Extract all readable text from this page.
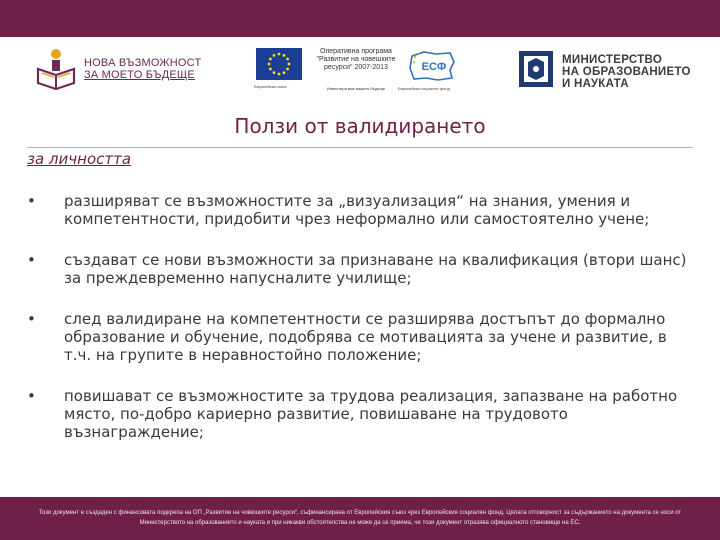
НОВА ВЪЗМОЖНОСТ
ЗА МОЕТО БЪДЕЩЕ
Европейски съюз
Оперативна програма
"Развитие на човешките
ресурси" 2007-2013
Инвестира във вашето бъдеще
ЕСФ
Европейски социален фонд
МИНИСТЕРСТВО
НА ОБРАЗОВАНИЕТО
И НАУКАТА
Ползи от валидирането
за личността
• разширяват се възможностите за „визуализация“ на знания, умения и компетентности, придобити чрез неформално или самостоятелно учене;
• създават се нови възможности за признаване на квалификация (втори шанс) за преждевременно напусналите училище;
• след валидиране на компетентности се разширява достъпът до формално образование и обучение, подобрява се мотивацията за учене и развитие, в т.ч. на групите в неравностойно положение;
• повишават се възможностите за трудова реализация, запазване на работно място, по-добро кариерно развитие, повишаване на трудовото възнаграждение;
Този документ е създаден с финансовата подкрепа на ОП „Развитие на човешките ресурси“, съфинансирана от Европейския съюз чрез Европейския социален фонд. Цялата отговорност за съдържанието на документа се носи от Министерството на образованието и науката и при никакви обстоятелства не може да се приема, че този документ отразява официалното становище на ЕС.
